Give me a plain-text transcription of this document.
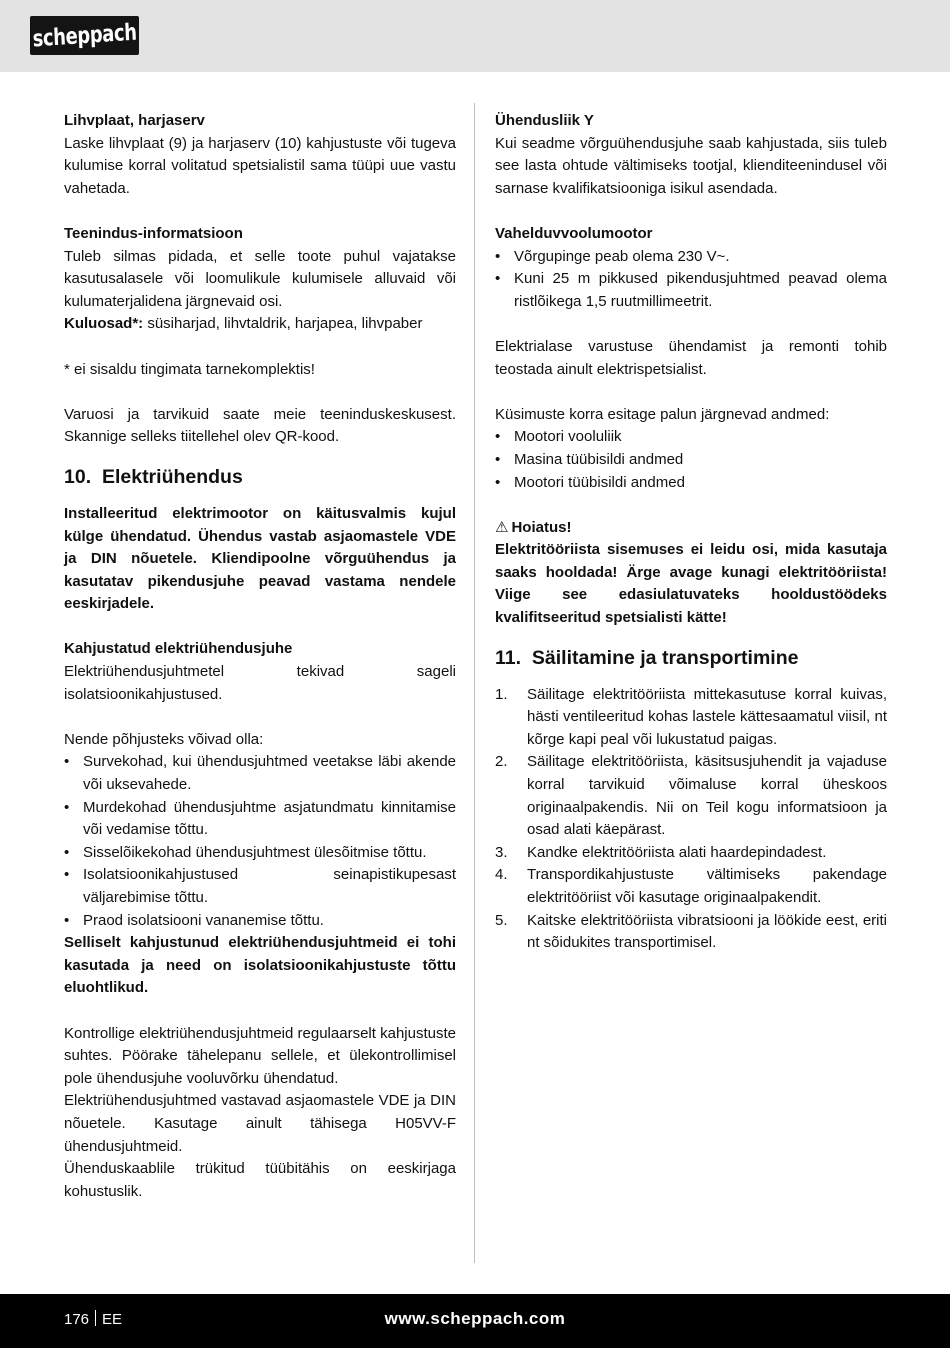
scheppach

Lihvplaat, harjaserv

Laske lihvplaat (9) ja harjaserv (10) kahjustuste või tugeva kulumise korral volitatud spetsialistil sama tüüpi uue vastu vahetada.

Teenindus-informatsioon

Tuleb silmas pidada, et selle toote puhul vajatakse kasutusalasele või loomulikule kulumisele alluvaid või kulumaterjalidena järgnevaid osi.

Kuluosad*: süsiharjad, lihvtaldrik, harjapea, lihvpaber

* ei sisaldu tingimata tarnekomplektis!

Varuosi ja tarvikuid saate meie teeninduskeskusest. Skannige selleks tiitellehel olev QR-kood.

10. Elektriühendus

Installeeritud elektrimootor on käitusvalmis kujul külge ühendatud. Ühendus vastab asjaomastele VDE ja DIN nõuetele. Kliendipoolne võrguühendus ja kasutatav pikendusjuhe peavad vastama nendele eeskirjadele.

Kahjustatud elektriühendusjuhe

Elektriühendusjuhtmetel tekivad sageli isolatsioonikahjustused.

Nende põhjusteks võivad olla:

• Survekohad, kui ühendusjuhtmed veetakse läbi akende või uksevahede.
• Murdekohad ühendusjuhtme asjatundmatu kinnitamise või vedamise tõttu.
• Sisselõikekohad ühendusjuhtmest ülesõitmise tõttu.
• Isolatsioonikahjustused seinapistikupesast väljarebimise tõttu.
• Praod isolatsiooni vananemise tõttu.

Selliselt kahjustunud elektriühendusjuhtmeid ei tohi kasutada ja need on isolatsioonikahjustuste tõttu eluohtlikud.

Kontrollige elektriühendusjuhtmeid regulaarselt kahjustuste suhtes. Pöörake tähelepanu sellele, et ülekontrollimisel pole ühendusjuhe vooluvõrku ühendatud.

Elektriühendusjuhtmed vastavad asjaomastele VDE ja DIN nõuetele. Kasutage ainult tähisega H05VV-F ühendusjuhtmeid.

Ühenduskaablile trükitud tüübitähis on eeskirjaga kohustuslik.

Ühendusliik Y

Kui seadme võrguühendusjuhe saab kahjustada, siis tuleb see lasta ohtude vältimiseks tootjal, klienditeenindusel või sarnase kvalifikatsiooniga isikul asendada.

Vahelduvvoolumootor

• Võrgupinge peab olema 230 V~.
• Kuni 25 m pikkused pikendusjuhtmed peavad olema ristlõikega 1,5 ruutmillimeetrit.

Elektrialase varustuse ühendamist ja remonti tohib teostada ainult elektrispetsialist.

Küsimuste korra esitage palun järgnevad andmed:

• Mootori vooluliik
• Masina tüübisildi andmed
• Mootori tüübisildi andmed

⚠ Hoiatus!

Elektritööriista sisemuses ei leidu osi, mida kasutaja saaks hooldada! Ärge avage kunagi elektritööriista! Viige see edasiulatuvateks hooldustöödeks kvalifitseeritud spetsialisti kätte!

11. Säilitamine ja transportimine
1. Säilitage elektritööriista mittekasutuse korral kuivas, hästi ventileeritud kohas lastele kättesaamatul viisil, nt kõrge kapi peal või lukustatud paigas.
2. Säilitage elektritööriista, käsitsusjuhendit ja vajaduse korral tarvikuid võimaluse korral üheskoos originaalpakendis. Nii on Teil kogu informatsioon ja osad alati käepärast.
3. Kandke elektritööriista alati haardepindadest.
4. Transpordikahjustuste vältimiseks pakendage elektritööriist või kasutage originaalpakendit.
5. Kaitske elektritööriista vibratsiooni ja löökide eest, eriti nt sõidukites transportimisel.
176 EE	www.scheppach.com
